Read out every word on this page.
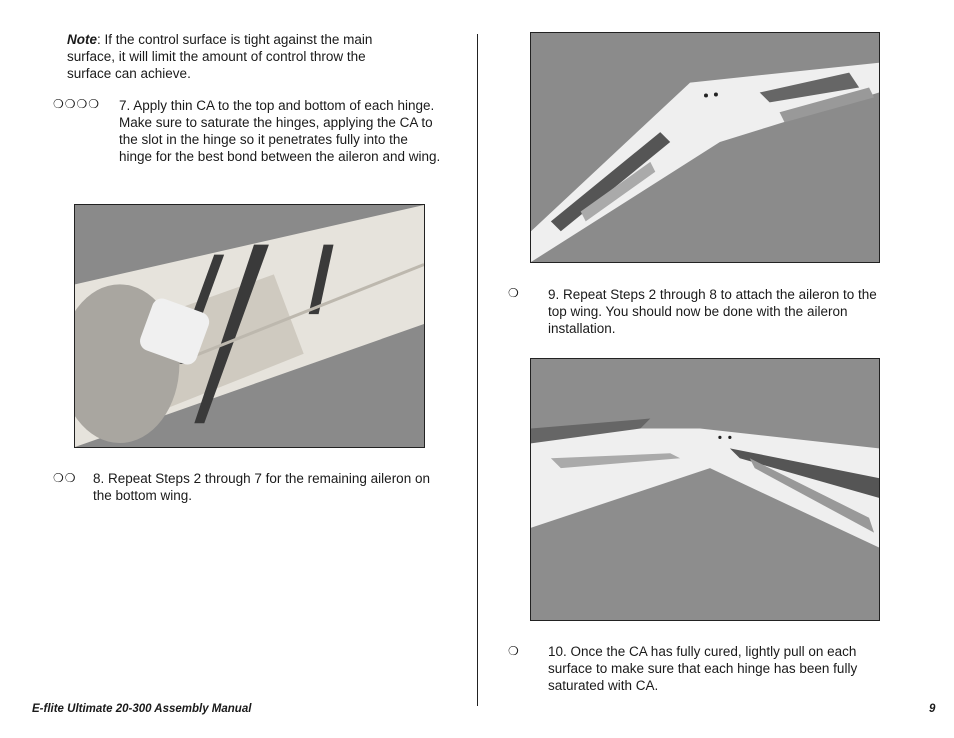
Note: If the control surface is tight against the main surface, it will limit the amount of control throw the surface can achieve.
❍❍❍❍ 7. Apply thin CA to the top and bottom of each hinge. Make sure to saturate the hinges, applying the CA to the slot in the hinge so it penetrates fully into the hinge for the best bond between the aileron and wing.
❍❍ 8. Repeat Steps 2 through 7 for the remaining aileron on the bottom wing.
❍ 9. Repeat Steps 2 through 8 to attach the aileron to the top wing. You should now be done with the aileron installation.
❍ 10. Once the CA has fully cured, lightly pull on each surface to make sure that each hinge has been fully saturated with CA.
E-flite Ultimate 20-300 Assembly Manual	9
